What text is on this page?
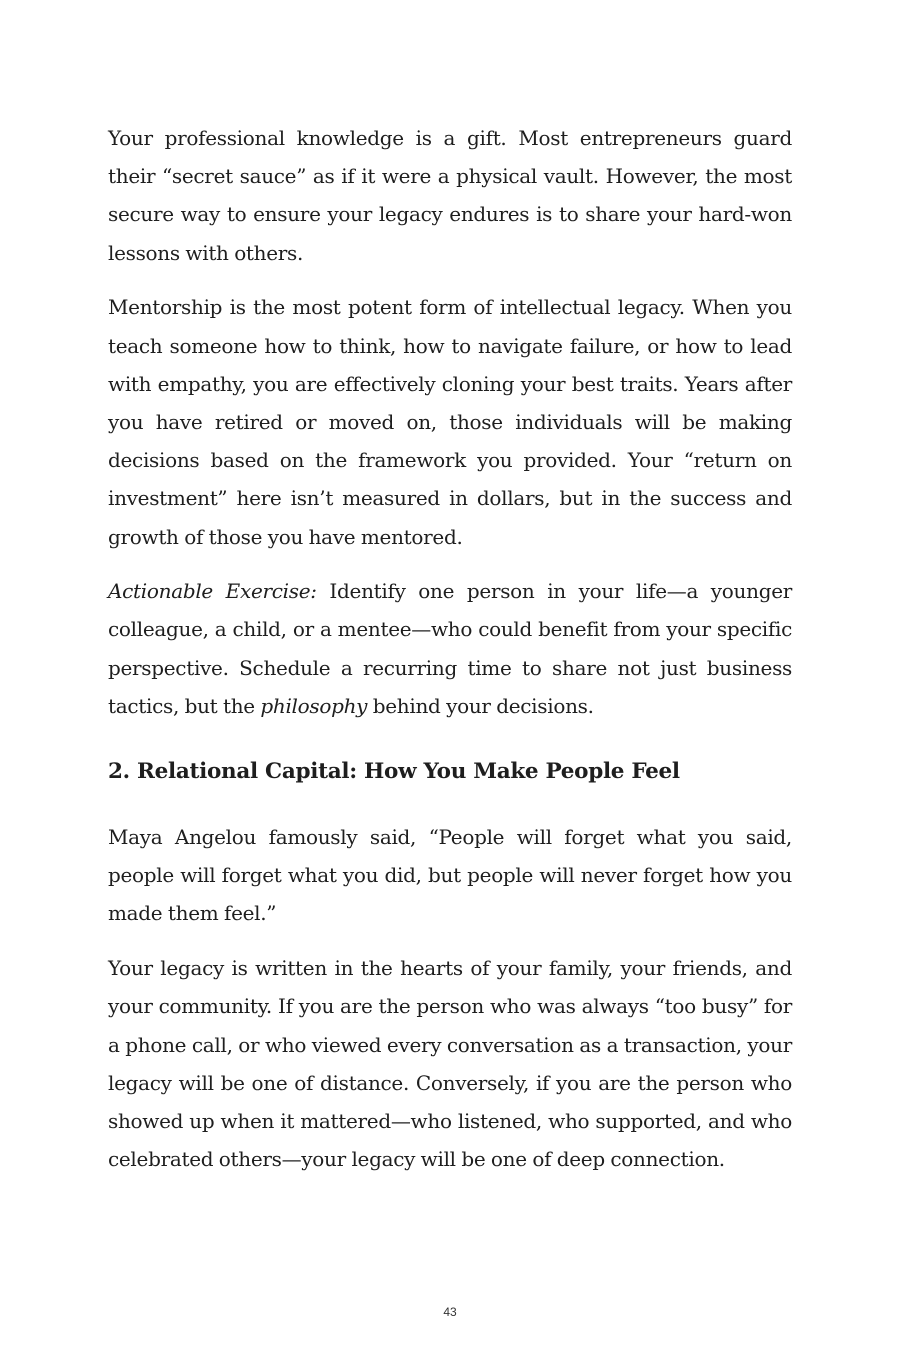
Your professional knowledge is a gift. Most entrepreneurs guard their “secret sauce” as if it were a physical vault. However, the most secure way to ensure your legacy endures is to share your hard-won lessons with others.

Mentorship is the most potent form of intellectual legacy. When you teach someone how to think, how to navigate failure, or how to lead with empathy, you are effectively cloning your best traits. Years after you have retired or moved on, those individuals will be making decisions based on the framework you provided. Your “return on investment” here isn’t measured in dollars, but in the success and growth of those you have mentored.

Actionable Exercise: Identify one person in your life—a younger colleague, a child, or a mentee—who could benefit from your specific perspective. Schedule a recurring time to share not just business tactics, but the philosophy behind your decisions.

2. Relational Capital: How You Make People Feel

Maya Angelou famously said, “People will forget what you said, people will forget what you did, but people will never forget how you made them feel.”

Your legacy is written in the hearts of your family, your friends, and your community. If you are the person who was always “too busy” for a phone call, or who viewed every conversation as a transaction, your legacy will be one of distance. Conversely, if you are the person who showed up when it mattered—who listened, who supported, and who celebrated others—your legacy will be one of deep connection.

43
